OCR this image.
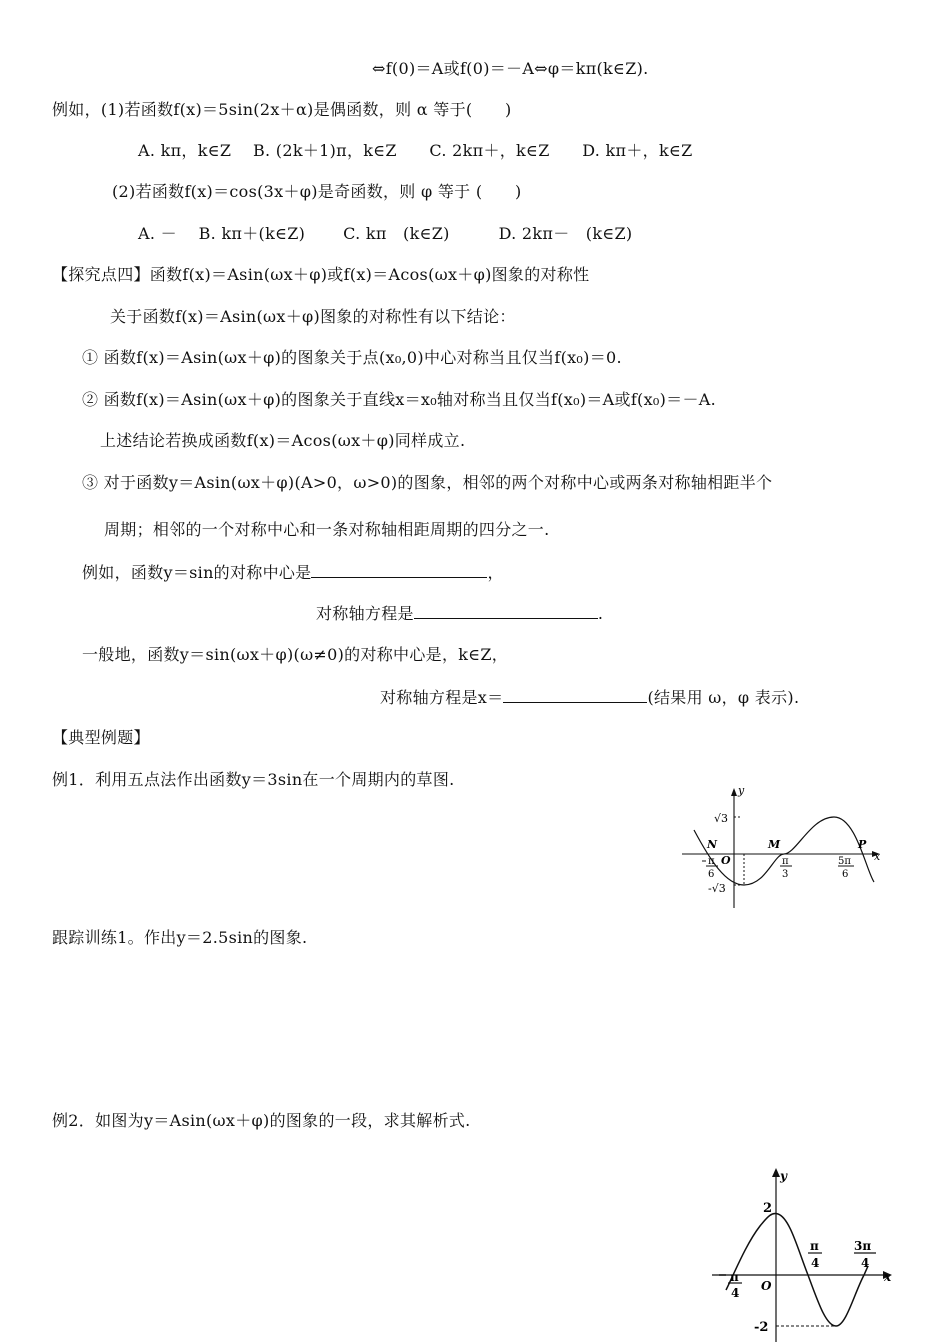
⇔f(0)＝A或f(0)＝－A⇔φ＝kπ(k∈Z).
例如，(1)若函数f(x)＝5sin(2x＋α)是偶函数，则 α 等于(　　)
A. kπ，k∈Z　 B. (2k＋1)π，k∈Z　　C. 2kπ＋，k∈Z　　D. kπ＋，k∈Z
(2)若函数f(x)＝cos(3x＋φ)是奇函数，则 φ 等于 (　　)
A. －　 B. kπ＋(k∈Z)　　 C. kπ　(k∈Z)　　　D. 2kπ－　(k∈Z)
【探究点四】函数f(x)＝Asin(ωx＋φ)或f(x)＝Acos(ωx＋φ)图象的对称性
关于函数f(x)＝Asin(ωx＋φ)图象的对称性有以下结论：
① 函数f(x)＝Asin(ωx＋φ)的图象关于点(x₀,0)中心对称当且仅当f(x₀)＝0.
② 函数f(x)＝Asin(ωx＋φ)的图象关于直线x＝x₀轴对称当且仅当f(x₀)＝A或f(x₀)＝－A.
上述结论若换成函数f(x)＝Acos(ωx＋φ)同样成立.
③ 对于函数y＝Asin(ωx＋φ)(A>0，ω>0)的图象，相邻的两个对称中心或两条对称轴相距半个
周期；相邻的一个对称中心和一条对称轴相距周期的四分之一.
例如，函数y＝sin的对称中心是	，
对称轴方程是	.
一般地，函数y＝sin(ωx＋φ)(ω≠0)的对称中心是，k∈Z，
对称轴方程是x＝	(结果用 ω，φ 表示).
【典型例题】
例1．利用五点法作出函数y＝3sin在一个周期内的草图.
跟踪训练1。作出y＝2.5sin的图象.
例2．如图为y＝Asin(ωx＋φ)的图象的一段，求其解析式.
y
x
O
√3
-√3
N	M	P
π
6
π
3
5π
6
y
x
O
2
-2
π
4
π
4
3π
4
